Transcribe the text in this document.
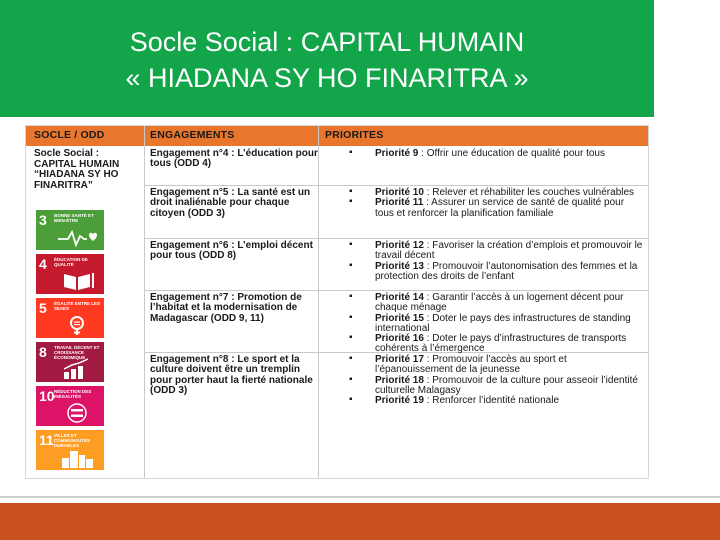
Socle Social : CAPITAL HUMAIN
« HIADANA SY HO FINARITRA »
SOCLE / ODD	ENGAGEMENTS	PRIORITES
Socle Social : CAPITAL HUMAIN “HIADANA SY HO FINARITRA”
3 BONNE SANTÉ ET BIEN-ÊTRE
4 ÉDUCATION DE QUALITÉ
5 ÉGALITÉ ENTRE LES SEXES
8 TRAVAIL DÉCENT ET CROISSANCE ÉCONOMIQUE
10 RÉDUCTION DES INÉGALITÉS
11 VILLES ET COMMUNAUTÉS DURABLES
Engagement n°4 : L’éducation pour tous (ODD 4)
Engagement n°5 : La santé est un droit inaliénable pour chaque citoyen (ODD 3)
Engagement n°6 : L’emploi décent pour tous (ODD 8)
Engagement n°7 : Promotion de l’habitat et la modernisation de Madagascar (ODD 9, 11)
Engagement n°8 : Le sport et la culture doivent être un tremplin pour porter haut la fierté nationale (ODD 3)
▪ Priorité 9 : Offrir une éducation de qualité pour tous
▪ Priorité 10 : Relever et réhabiliter les couches vulnérables
▪ Priorité 11 : Assurer un service de santé de qualité pour tous et renforcer la planification familiale
▪ Priorité 12 : Favoriser la création d’emplois et promouvoir le travail décent
▪ Priorité 13 : Promouvoir l’autonomisation des femmes et la protection des droits de l’enfant
▪ Priorité 14 : Garantir l’accès à un logement décent pour chaque ménage
▪ Priorité 15 : Doter le pays des infrastructures de standing international
▪ Priorité 16 : Doter le pays d’infrastructures de transports cohérents à l’émergence
▪ Priorité 17 : Promouvoir l’accès au sport et l’épanouissement de la jeunesse
▪ Priorité 18 : Promouvoir de la culture pour asseoir l’identité culturelle Malagasy
▪ Priorité 19 : Renforcer l’identité nationale
